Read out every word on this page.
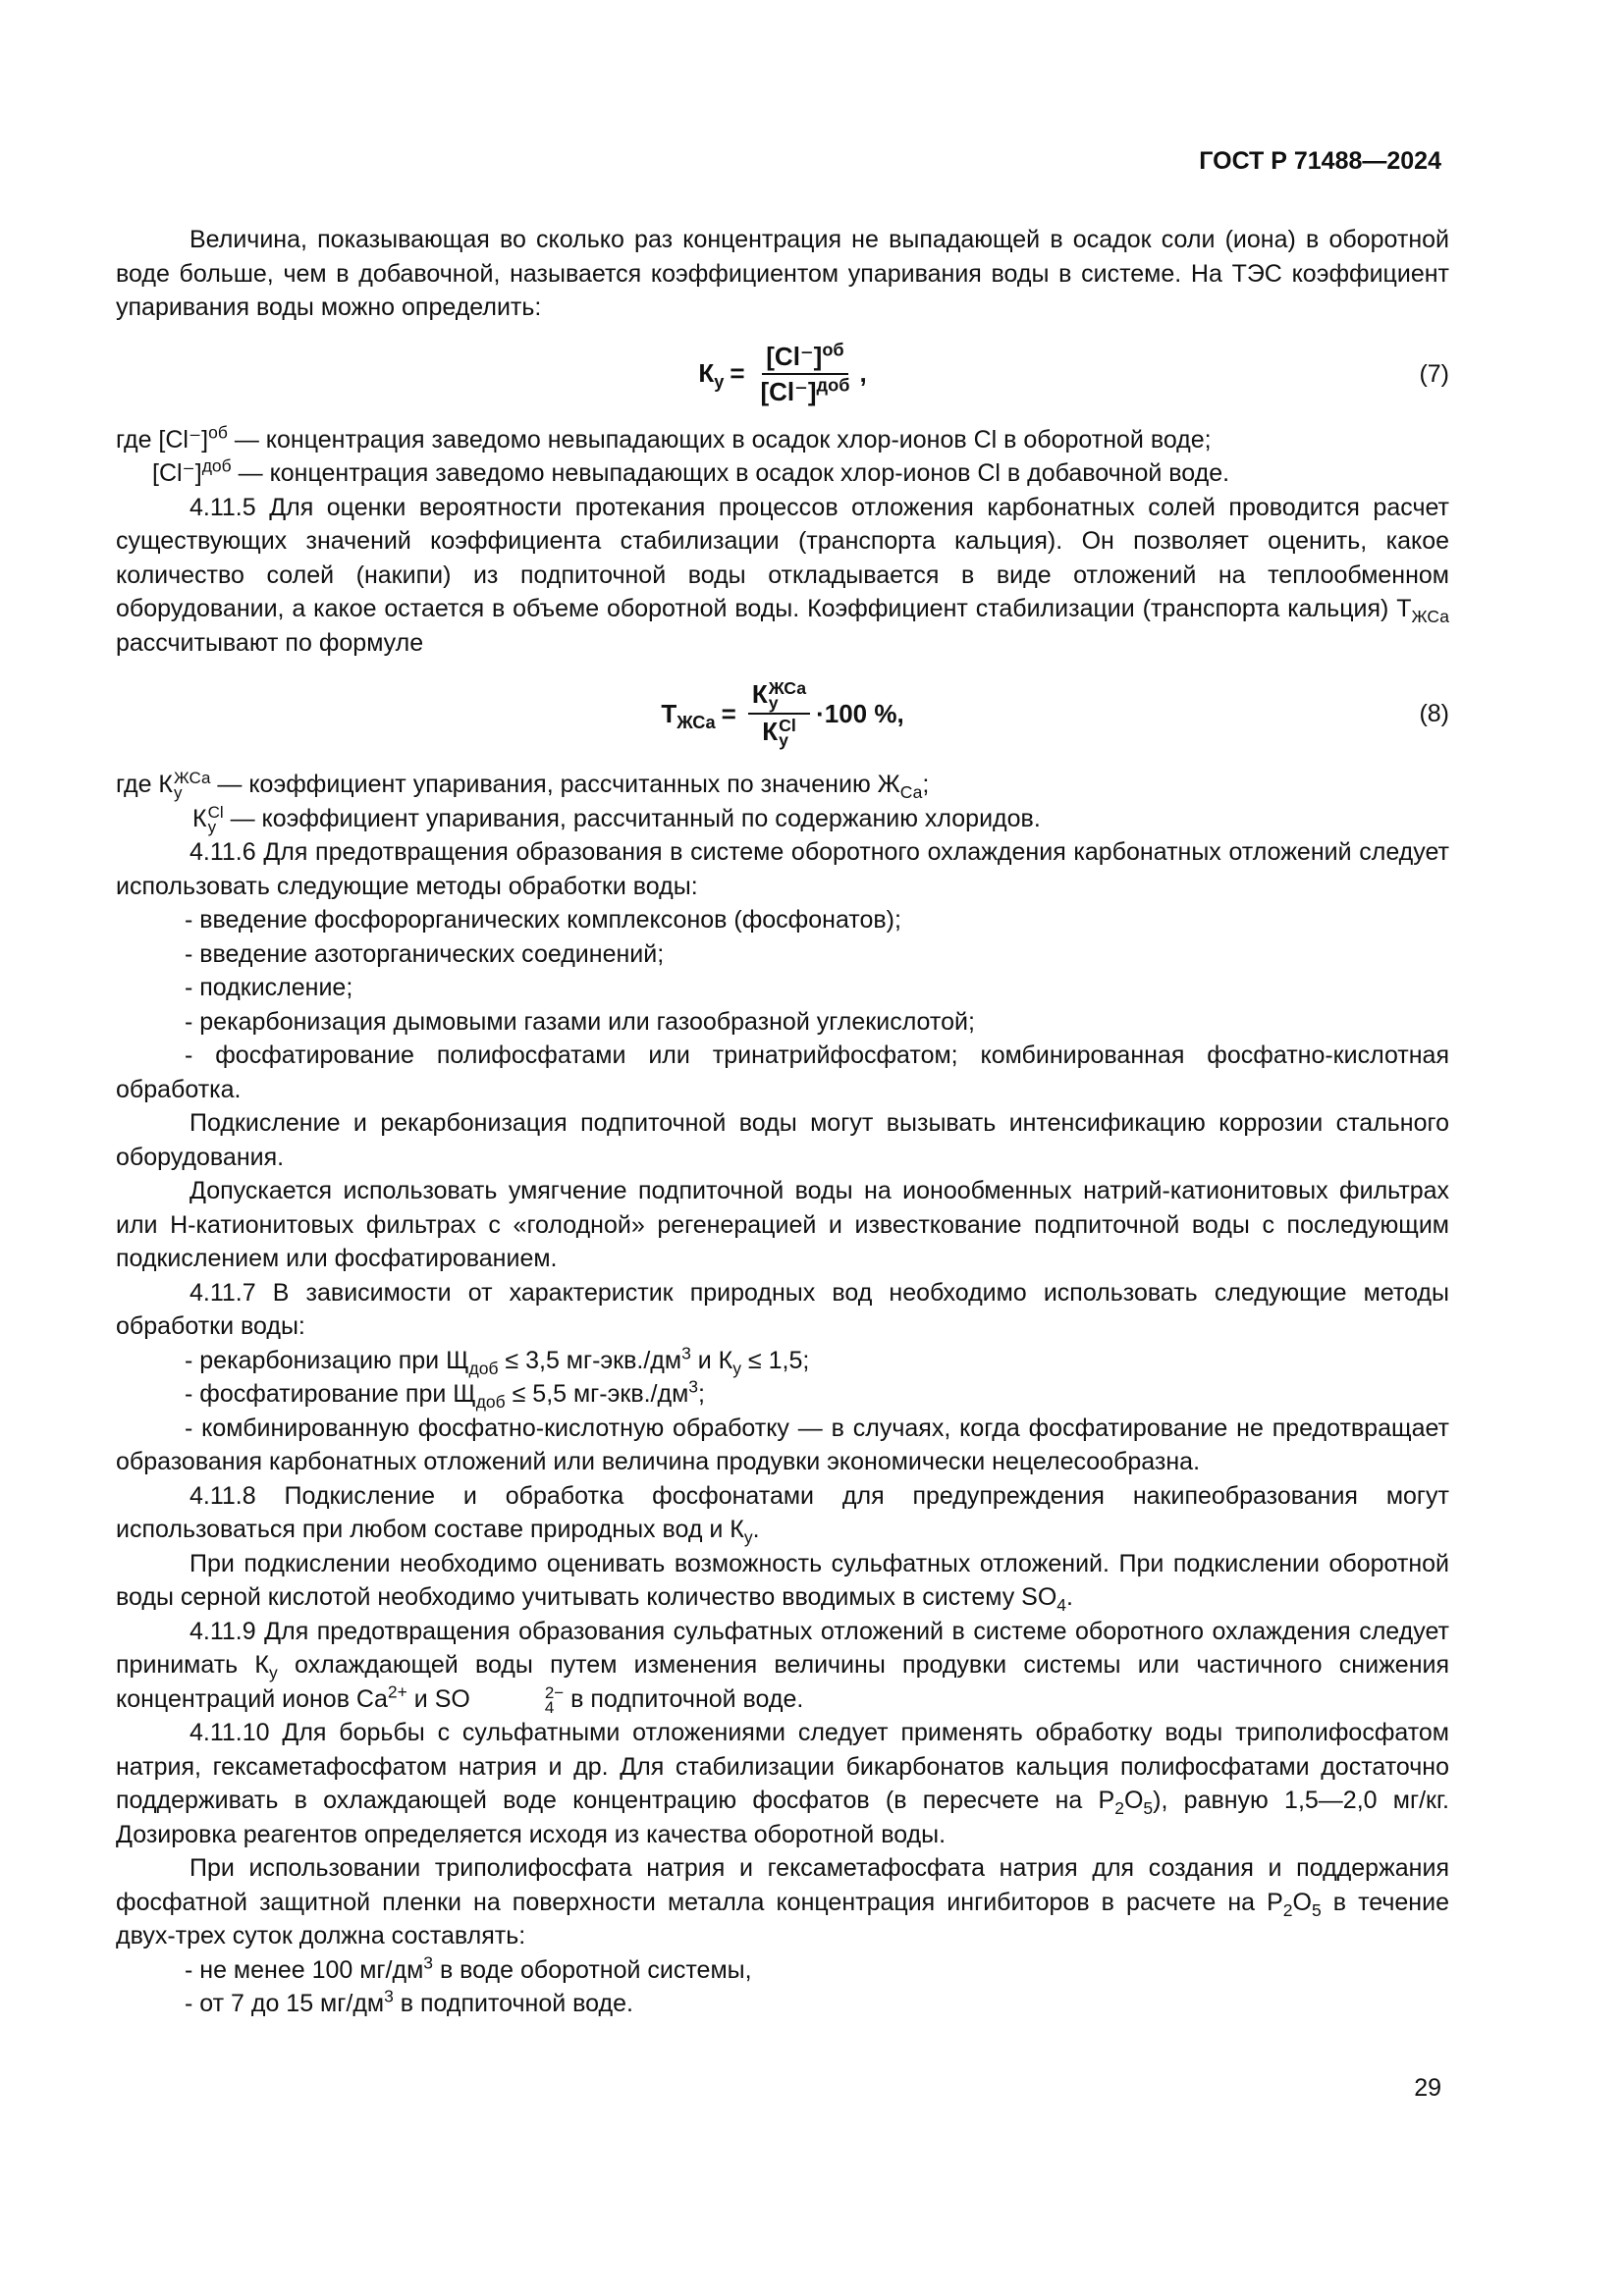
ГОСТ Р 71488—2024

Величина, показывающая во сколько раз концентрация не выпадающей в осадок соли (иона) в оборотной воде больше, чем в добавочной, называется коэффициентом упаривания воды в системе. На ТЭС коэффициент упаривания воды можно определить:

$К_у = \frac{[Cl^-]^{об}}{[Cl^-]^{доб}}$ ,	(7)

где $[Cl^-]^{об}$ — концентрация заведомо невыпадающих в осадок хлор-ионов Cl в оборотной воде;

$[Cl^-]^{доб}$ — концентрация заведомо невыпадающих в осадок хлор-ионов Cl в добавочной воде.

4.11.5 Для оценки вероятности протекания процессов отложения карбонатных солей проводится расчет существующих значений коэффициента стабилизации (транспорта кальция). Он позволяет оценить, какое количество солей (накипи) из подпиточной воды откладывается в виде отложений на теплообменном оборудовании, а какое остается в объеме оборотной воды. Коэффициент стабилизации (транспорта кальция) $Т_{ЖСа}$ рассчитывают по формуле

$Т_{ЖСа} = К$ ЖСа
у
К Cl
у ·100 %,	(8)

где К ЖСа
у	— коэффициент упаривания, рассчитанных по значению $Ж_{Са}$;

К Cl
у — коэффициент упаривания, рассчитанный по содержанию хлоридов.

4.11.6 Для предотвращения образования в системе оборотного охлаждения карбонатных отложений следует использовать следующие методы обработки воды:

- введение фосфорорганических комплексонов (фосфонатов);

- введение азоторганических соединений;

- подкисление;

- рекарбонизация дымовыми газами или газообразной углекислотой;

- фосфатирование полифосфатами или тринатрийфосфатом; комбинированная фосфатно-кислотная обработка.

Подкисление и рекарбонизация подпиточной воды могут вызывать интенсификацию коррозии стального оборудования.

Допускается использовать умягчение подпиточной воды на ионообменных натрий-катионитовых фильтрах или Н-катионитовых фильтрах с «голодной» регенерацией и известкование подпиточной воды с последующим подкислением или фосфатированием.

4.11.7 В зависимости от характеристик природных вод необходимо использовать следующие методы обработки воды:

- рекарбонизацию при $Щ_{доб} \le 3,5$ $мг-экв./дм^3$ и $К_у \le 1,5$;

- фосфатирование при $Щ_{доб} \le 5,5$ $мг-экв./дм^3$;

- комбинированную фосфатно-кислотную обработку — в случаях, когда фосфатирование не предотвращает образования карбонатных отложений или величина продувки экономически нецелесообразна.

4.11.8 Подкисление и обработка фосфонатами для предупреждения накипеобразования могут использоваться при любом составе природных вод и $К_у$.

При подкислении необходимо оценивать возможность сульфатных отложений. При подкислении оборотной воды серной кислотой необходимо учитывать количество вводимых в систему $SO_4$.

4.11.9 Для предотвращения образования сульфатных отложений в системе оборотного охлаждения следует принимать $К_у$ охлаждающей воды путем изменения величины продувки системы или частичного снижения концентраций ионов $Ca^{2+}$ и SO	2−
4 в подпиточной воде.

4.11.10 Для борьбы с сульфатными отложениями следует применять обработку воды триполифосфатом натрия, гексаметафосфатом натрия и др. Для стабилизации бикарбонатов кальция полифосфатами достаточно поддерживать в охлаждающей воде концентрацию фосфатов (в пересчете на $Р_2O_5$), равную 1,5—2,0 мг/кг. Дозировка реагентов определяется исходя из качества оборотной воды.

При использовании триполифосфата натрия и гексаметафосфата натрия для создания и поддержания фосфатной защитной пленки на поверхности металла концентрация ингибиторов в расчете на $Р_2O_5$ в течение двух-трех суток должна составлять:

- не менее 100 $мг/дм^3$ в воде оборотной системы,

- от 7 до 15 $мг/дм^3$ в подпиточной воде.

29
